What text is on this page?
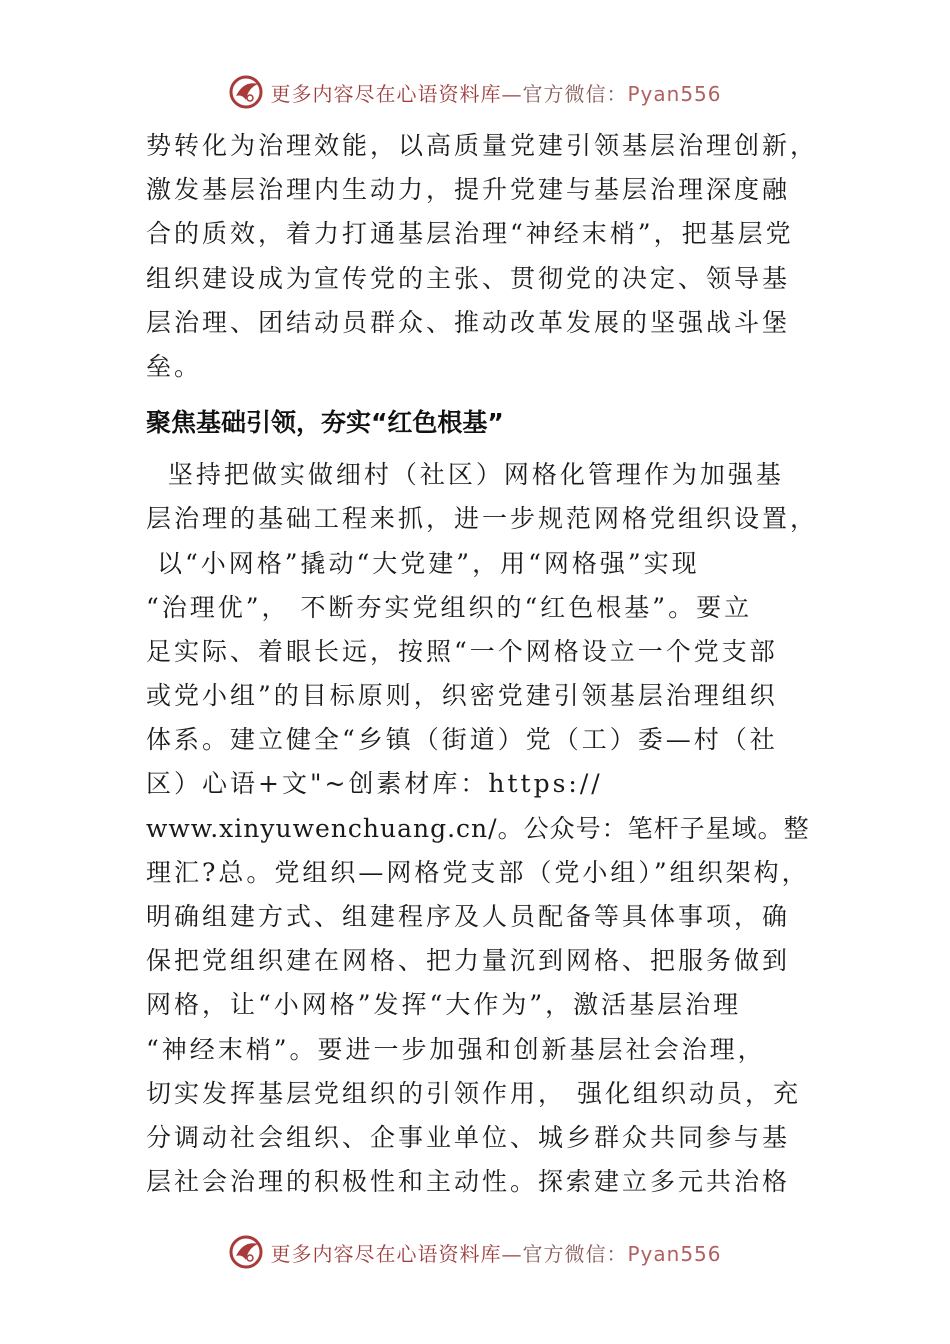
更多内容尽在心语资料库—官方微信：Pyan556
势转化为治理效能，以高质量党建引领基层治理创新，
激发基层治理内生动力，提升党建与基层治理深度融
合的质效，着力打通基层治理“神经末梢”，把基层党
组织建设成为宣传党的主张、贯彻党的决定、领导基
层治理、团结动员群众、推动改革发展的坚强战斗堡
垒。
聚焦基础引领，夯实“红色根基”
坚持把做实做细村（社区）网格化管理作为加强基
层治理的基础工程来抓，进一步规范网格党组织设置，
以“小网格”撬动“大党建”，用“网格强”实现
“治理优”， 不断夯实党组织的“红色根基”。要立
足实际、着眼长远，按照“一个网格设立一个党支部
或党小组”的目标原则，织密党建引领基层治理组织
体系。建立健全“乡镇（街道）党（工）委—村（社
区）心语+文"~创素材库：https://
www.xinyuwenchuang.cn/。公众号：笔杆子星域。整
理汇?总。党组织—网格党支部（党小组）”组织架构，
明确组建方式、组建程序及人员配备等具体事项，确
保把党组织建在网格、把力量沉到网格、把服务做到
网格，让“小网格”发挥“大作为”，激活基层治理
“神经末梢”。要进一步加强和创新基层社会治理，
切实发挥基层党组织的引领作用， 强化组织动员，充
分调动社会组织、企事业单位、城乡群众共同参与基
层社会治理的积极性和主动性。探索建立多元共治格
更多内容尽在心语资料库—官方微信：Pyan556
